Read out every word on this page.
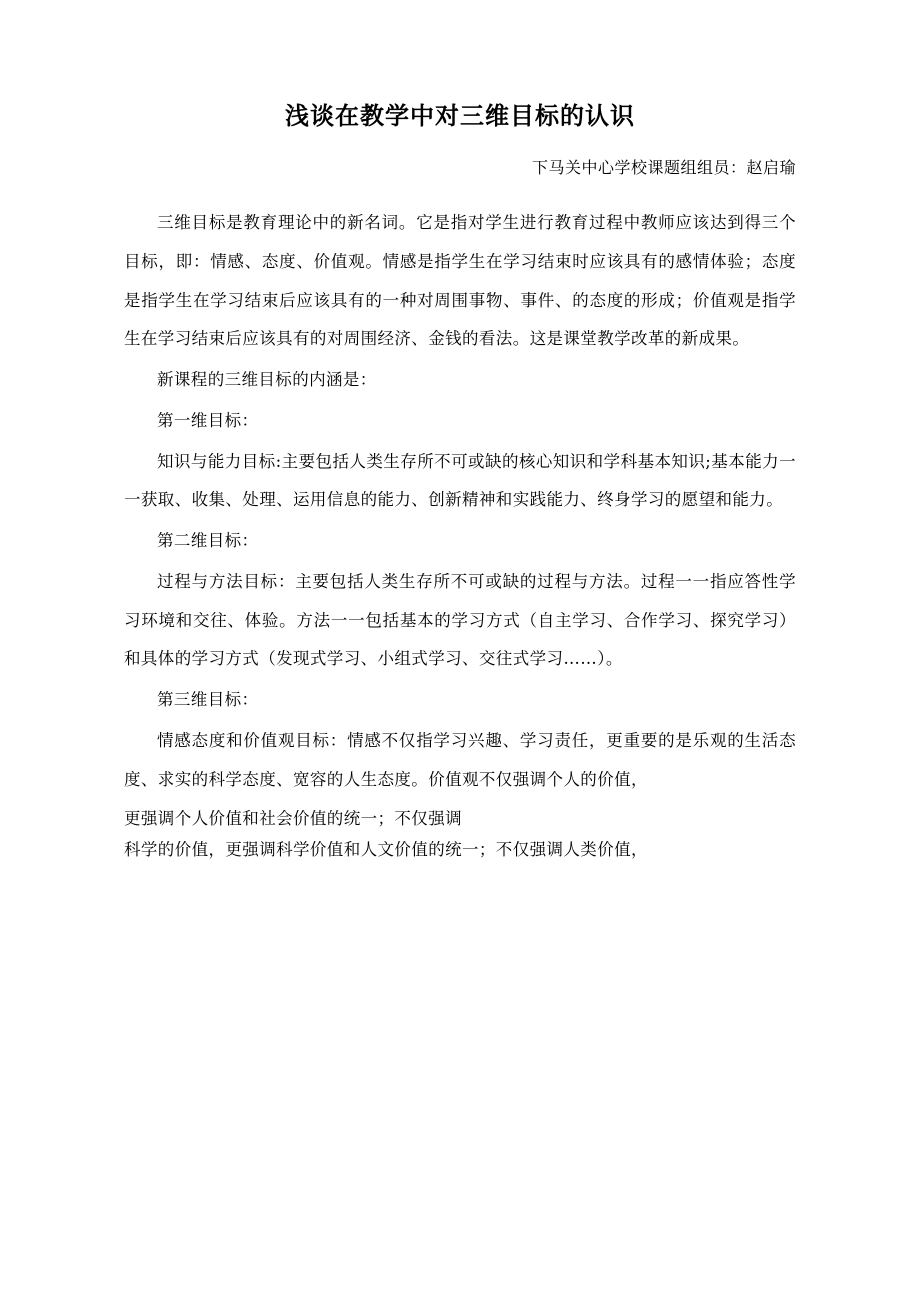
浅谈在教学中对三维目标的认识
下马关中心学校课题组组员：赵启瑜

三维目标是教育理论中的新名词。它是指对学生进行教育过程中教师应该达到得三个目标，即：情感、态度、价值观。情感是指学生在学习结束时应该具有的感情体验；态度是指学生在学习结束后应该具有的一种对周围事物、事件、的态度的形成；价值观是指学生在学习结束后应该具有的对周围经济、金钱的看法。这是课堂教学改革的新成果。

新课程的三维目标的内涵是：

第一维目标：

知识与能力目标:主要包括人类生存所不可或缺的核心知识和学科基本知识;基本能力一一获取、收集、处理、运用信息的能力、创新精神和实践能力、终身学习的愿望和能力。

第二维目标：

过程与方法目标：主要包括人类生存所不可或缺的过程与方法。过程一一指应答性学习环境和交往、体验。方法一一包括基本的学习方式（自主学习、合作学习、探究学习）和具体的学习方式（发现式学习、小组式学习、交往式学习……）。

第三维目标：

情感态度和价值观目标：情感不仅指学习兴趣、学习责任，更重要的是乐观的生活态度、求实的科学态度、宽容的人生态度。价值观不仅强调个人的价值，

更强调个人价值和社会价值的统一；不仅强调

科学的价值，更强调科学价值和人文价值的统一；不仅强调人类价值，
